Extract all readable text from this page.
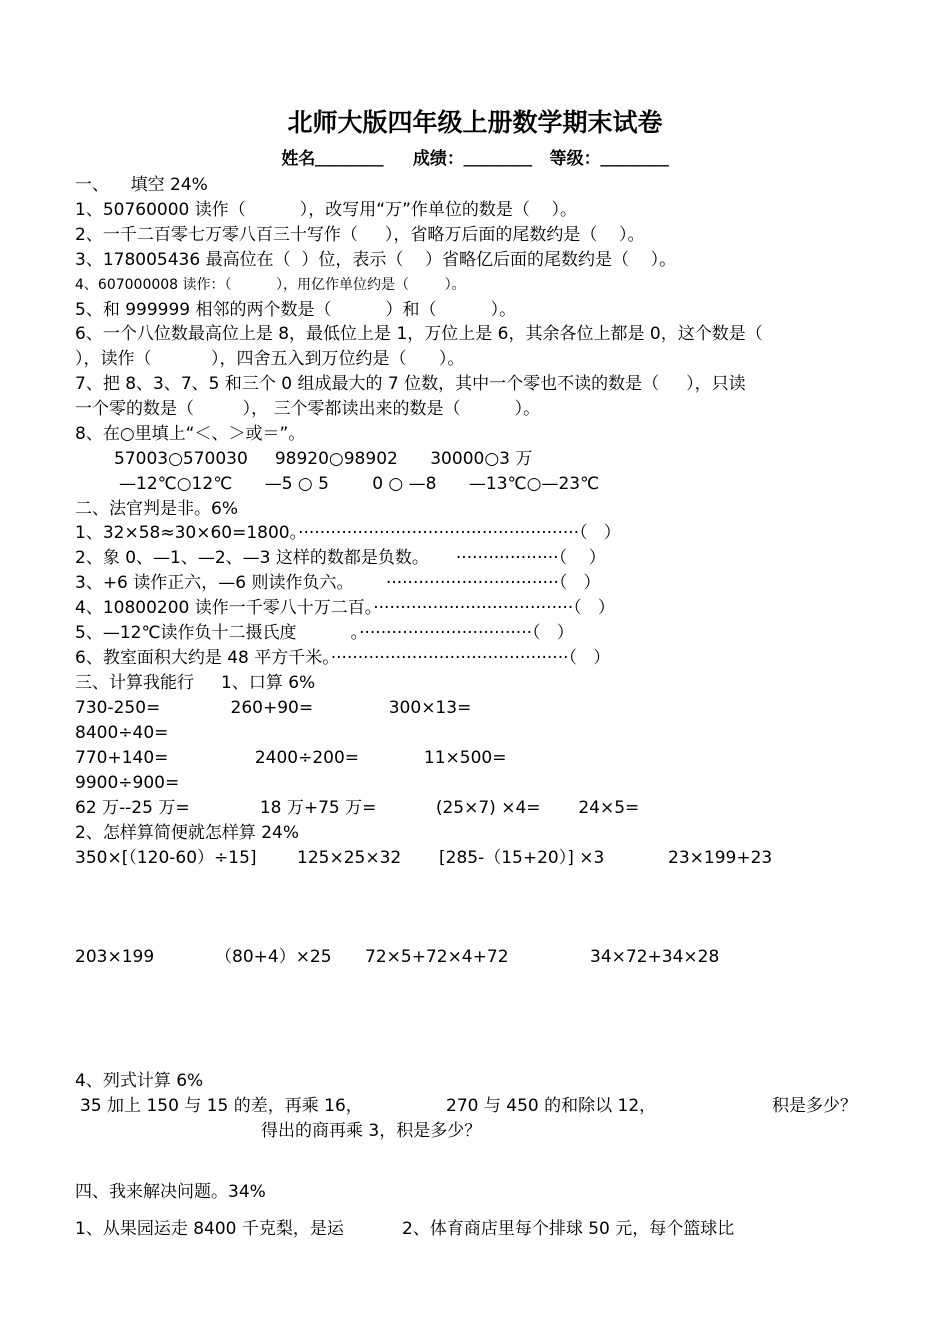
北师大版四年级上册数学期末试卷
姓名＿＿＿＿     成绩：＿＿＿＿   等级：＿＿＿＿
一、    填空 24%
1、50760000 读作（          ），改写用“万”作单位的数是（    ）。
2、一千二百零七万零八百三十写作（     ），省略万后面的尾数约是（    ）。
3、178005436 最高位在（  ）位，表示（    ）省略亿后面的尾数约是（    ）。
4、607000008 读作：（          ），用亿作单位约是（        ）。
5、和 999999 相邻的两个数是（          ）和（          ）。
6、一个八位数最高位上是 8，最低位上是 1，万位上是 6，其余各位上都是 0，这个数是（
），读作（           ），四舍五入到万位约是（      ）。
7、把 8、3、7、5 和三个 0 组成最大的 7 位数，其中一个零也不读的数是（     ），只读
一个零的数是（         ）， 三个零都读出来的数是（          ）。
8、在○里填上“＜、＞或＝”。
57003○570030     98920○98902      30000○3 万
—12℃○12℃      —5 ○ 5        0 ○ —8      —13℃○—23℃
二、法官判是非。6%
1、32×58≈30×60=1800。····················································（   ）
2、象 0、—1、—2、—3 这样的数都是负数。     ···················（    ）
3、+6 读作正六，—6 则读作负六。      ································（   ）
4、10800200 读作一千零八十万二百。·····································（   ）
5、—12℃读作负十二摄氏度          。································（   ）
6、教室面积大约是 48 平方千米。············································（   ）
三、计算我能行     1、口算 6%
730-250=             260+90=              300×13=
8400÷40=
770+140=                2400÷200=            11×500=
9900÷900=
62 万--25 万=             18 万+75 万=           (25×7) ×4=       24×5=
2、怎样算简便就怎样算 24%
350×[（120-60）÷15] 125×25×32 [285-（15+20）] ×3	23×199+23
203×199	（80+4）×25 72×5+72×4+72	34×72+34×28
4、列式计算 6%
35 加上 150 与 15 的差，再乘 16，	270 与 450 的和除以 12，	积是多少？
得出的商再乘 3，积是多少？
四、我来解决问题。34%
1、从果园运走 8400 千克梨，是运	2、体育商店里每个排球 50 元，每个篮球比
